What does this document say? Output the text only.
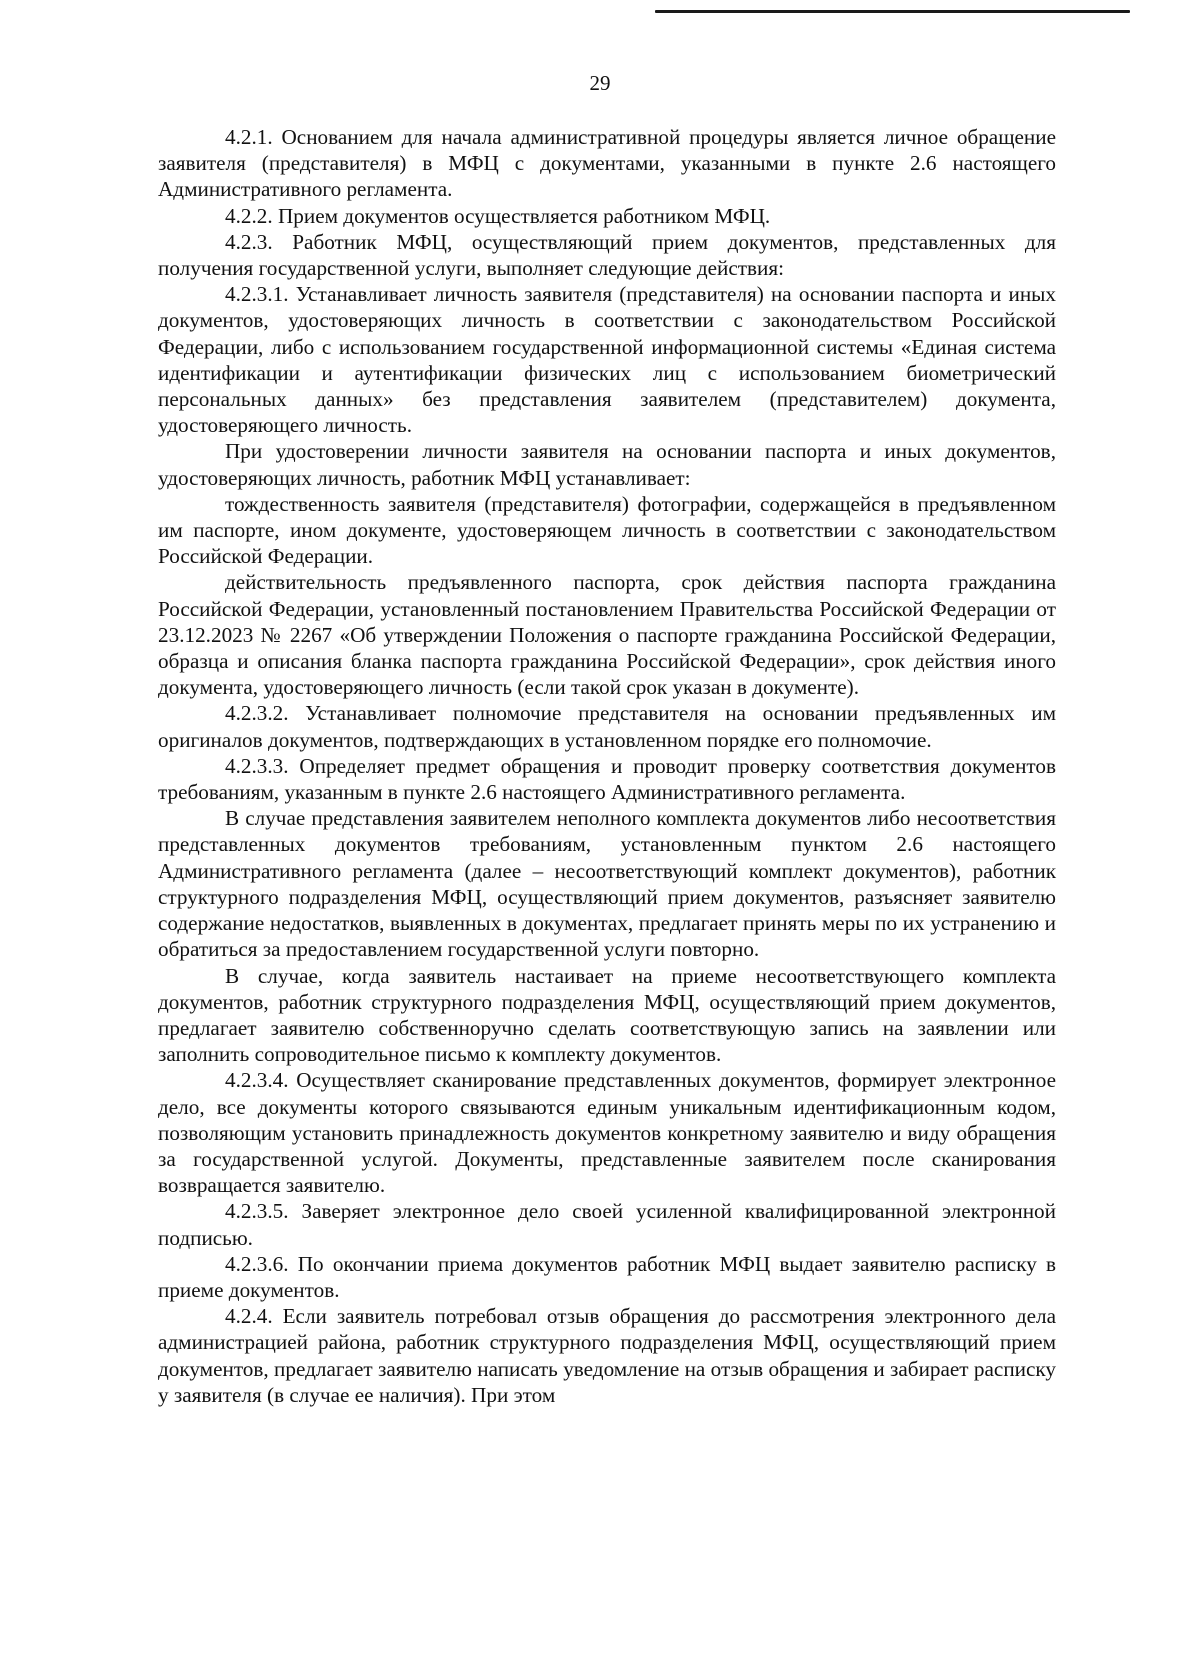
29

4.2.1. Основанием для начала административной процедуры является личное обращение заявителя (представителя) в МФЦ с документами, указанными в пункте 2.6 настоящего Административного регламента.

4.2.2. Прием документов осуществляется работником МФЦ.

4.2.3. Работник МФЦ, осуществляющий прием документов, представленных для получения государственной услуги, выполняет следующие действия:

4.2.3.1. Устанавливает личность заявителя (представителя) на основании паспорта и иных документов, удостоверяющих личность в соответствии с законодательством Российской Федерации, либо с использованием государственной информационной системы «Единая система идентификации и аутентификации физических лиц с использованием биометрический персональных данных» без представления заявителем (представителем) документа, удостоверяющего личность.

При удостоверении личности заявителя на основании паспорта и иных документов, удостоверяющих личность, работник МФЦ устанавливает:

тождественность заявителя (представителя) фотографии, содержащейся в предъявленном им паспорте, ином документе, удостоверяющем личность в соответствии с законодательством Российской Федерации.

действительность предъявленного паспорта, срок действия паспорта гражданина Российской Федерации, установленный постановлением Правительства Российской Федерации от 23.12.2023 № 2267 «Об утверждении Положения о паспорте гражданина Российской Федерации, образца и описания бланка паспорта гражданина Российской Федерации», срок действия иного документа, удостоверяющего личность (если такой срок указан в документе).

4.2.3.2. Устанавливает полномочие представителя на основании предъявленных им оригиналов документов, подтверждающих в установленном порядке его полномочие.

4.2.3.3. Определяет предмет обращения и проводит проверку соответствия документов требованиям, указанным в пункте 2.6 настоящего Административного регламента.

В случае представления заявителем неполного комплекта документов либо несоответствия представленных документов требованиям, установленным пунктом 2.6 настоящего Административного регламента (далее – несоответствующий комплект документов), работник структурного подразделения МФЦ, осуществляющий прием документов, разъясняет заявителю содержание недостатков, выявленных в документах, предлагает принять меры по их устранению и обратиться за предоставлением государственной услуги повторно.

В случае, когда заявитель настаивает на приеме несоответствующего комплекта документов, работник структурного подразделения МФЦ, осуществляющий прием документов, предлагает заявителю собственноручно сделать соответствующую запись на заявлении или заполнить сопроводительное письмо к комплекту документов.

4.2.3.4. Осуществляет сканирование представленных документов, формирует электронное дело, все документы которого связываются единым уникальным идентификационным кодом, позволяющим установить принадлежность документов конкретному заявителю и виду обращения за государственной услугой. Документы, представленные заявителем после сканирования возвращается заявителю.

4.2.3.5. Заверяет электронное дело своей усиленной квалифицированной электронной подписью.

4.2.3.6. По окончании приема документов работник МФЦ выдает заявителю расписку в приеме документов.

4.2.4. Если заявитель потребовал отзыв обращения до рассмотрения электронного дела администрацией района, работник структурного подразделения МФЦ, осуществляющий прием документов, предлагает заявителю написать уведомление на отзыв обращения и забирает расписку у заявителя (в случае ее наличия). При этом
